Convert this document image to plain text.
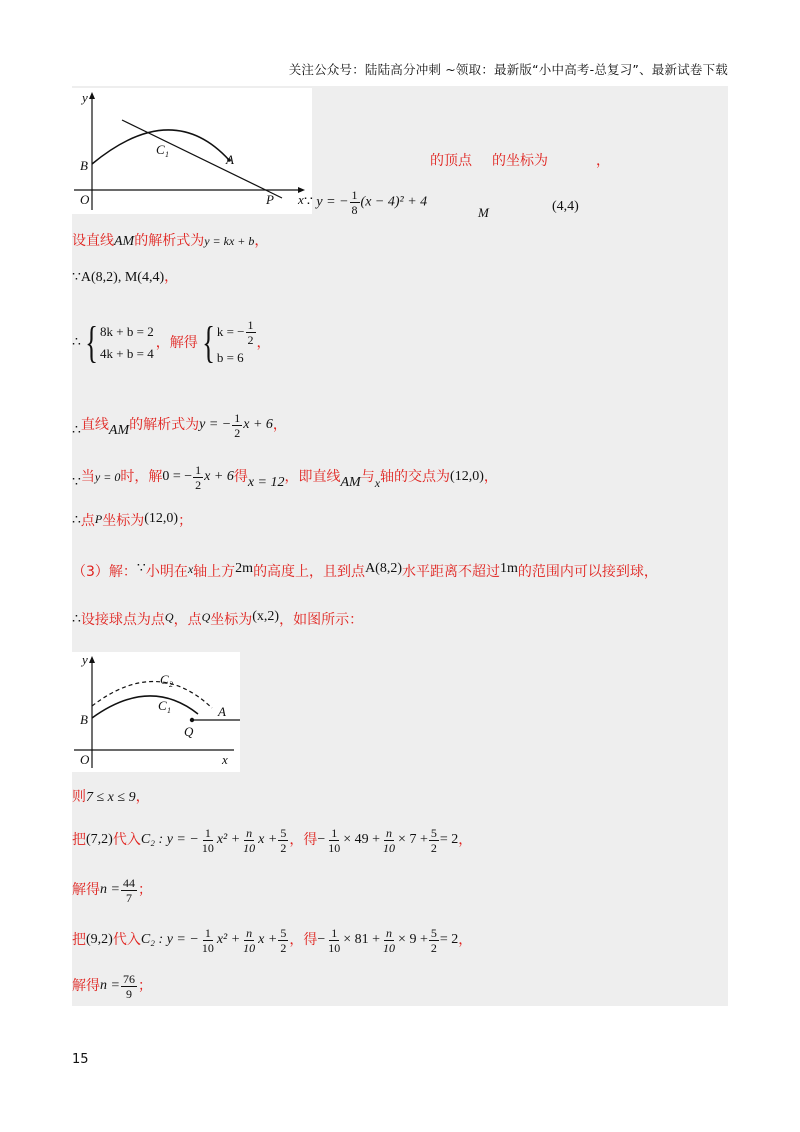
关注公众号：陆陆高分冲刺 ~领取：最新版“小中高考-总复习”、最新试卷下载
y
x
O
B
C 1	A
P ∵ y = − $\frac{1}{8} (x - 4)^2 + 4$
的顶点
M
的坐标为
(4,4)
，
设直线AM的解析式为y = kx + b，
∵A(8,2), M(4,4)，
∴ { 8k + b = 2
4k + b = 4
，解得 { k = − $\frac{1}{2}$
b = 6
，
∴ 直线 AM 的解析式为 y = − $\frac{1}{2}$ x + 6 ，
∵ 当 y = 0 时，解 0 = − $\frac{1}{2}$ x + 6 得 x = 12 ，即直线 AM 与 x 轴的交点为 (12,0) ，
∴ 点 P 坐标为 (12,0) ；
（3）解： ∵ 小明在 x 轴上方 2m 的高度上，且到点 A(8,2) 水平距离不超过 1m 的范围内可以接到球，
∴ 设接球点为点 Q ，点 Q 坐标为 (x,2) ，如图所示：
y
x
O
B
C 2
C 1	A
Q
则7 ≤ x ≤ 9，
把 (7,2) 代入 C₂ : y = − $\frac{1}{10} x^2 + \frac{n}{10}$ $x + \frac{5}{2}$ ，得 − $\frac{1}{10} \times 49 + \frac{n}{10} \times 7 + \frac{5}{2} = 2$ ，
解得 $n = \frac{44}{7}$ ；
把 (9,2) 代入 C₂ : y = − $\frac{1}{10} x^2 + \frac{n}{10}$ $x + \frac{5}{2}$ ，得 − $\frac{1}{10} \times 81 + \frac{n}{10} \times 9 + \frac{5}{2} = 2$ ，
解得 $n = \frac{76}{9}$ ；
15
